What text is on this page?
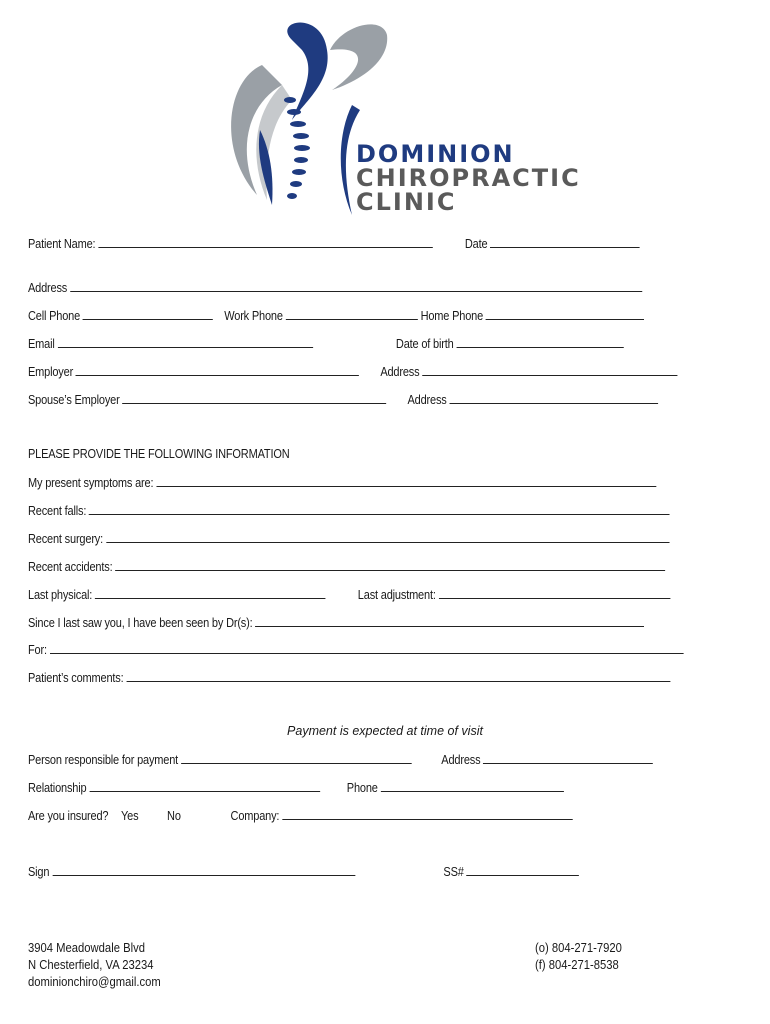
DOMINION
CHIROPRACTIC
CLINIC
Patient Name:	Date
Address
Cell Phone	Work Phone	Home Phone
Email	Date of birth
Employer	Address
Spouse’s Employer	Address
PLEASE PROVIDE THE FOLLOWING INFORMATION
My present symptoms are:
Recent falls:
Recent surgery:
Recent accidents:
Last physical:	Last adjustment:
Since I last saw you, I have been seen by Dr(s):
For:
Patient’s comments:
Payment is expected at time of visit
Person responsible for payment	Address
Relationship	Phone
Are you insured? Yes No	Company:
Sign	SS#
3904 Meadowdale Blvd
N Chesterfield, VA 23234
dominionchiro@gmail.com
(o) 804-271-7920
(f) 804-271-8538
